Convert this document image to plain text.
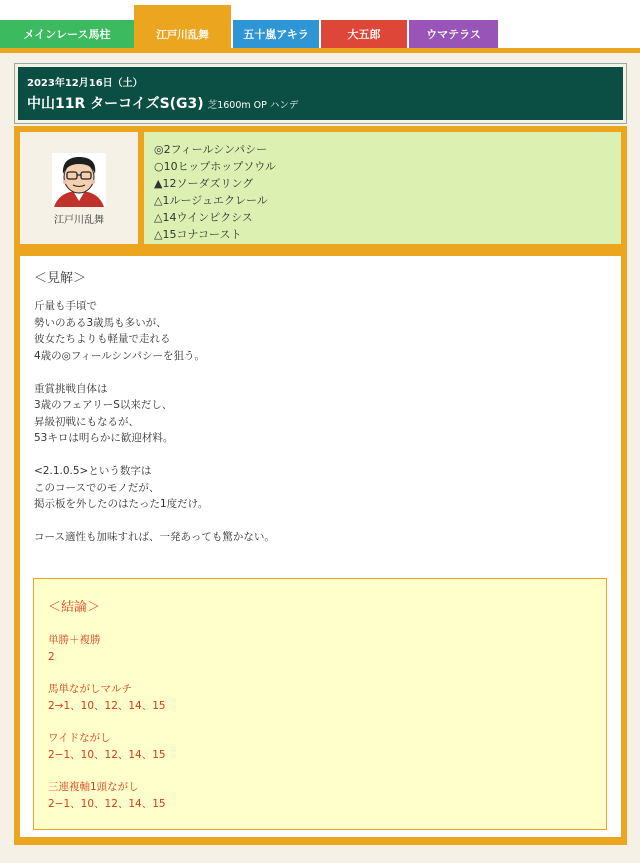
メインレース馬柱	江戸川乱舞	五十嵐アキラ	大五郎	ウマテラス
2023年12月16日（土）
中山11R ターコイズS(G3) 芝1600m OP ハンデ
江戸川乱舞
◎2フィールシンパシー
○10ヒップホップソウル
▲12ソーダズリング
△1ルージュエクレール
△14ウインピクシス
△15コナコースト
＜見解＞
斤量も手頃で
勢いのある3歳馬も多いが、
彼女たちよりも軽量で走れる
4歳の◎フィールシンパシーを狙う。
重賞挑戦自体は
3歳のフェアリーS以来だし、
昇級初戦にもなるが、
53キロは明らかに歓迎材料。
<2.1.0.5>という数字は
このコースでのモノだが、
掲示板を外したのはたった1度だけ。
コース適性も加味すれば、一発あっても驚かない。
＜結論＞
単勝＋複勝
2
馬単ながしマルチ
2→1、10、12、14、15
ワイドながし
2−1、10、12、14、15
三連複軸1頭ながし
2−1、10、12、14、15
